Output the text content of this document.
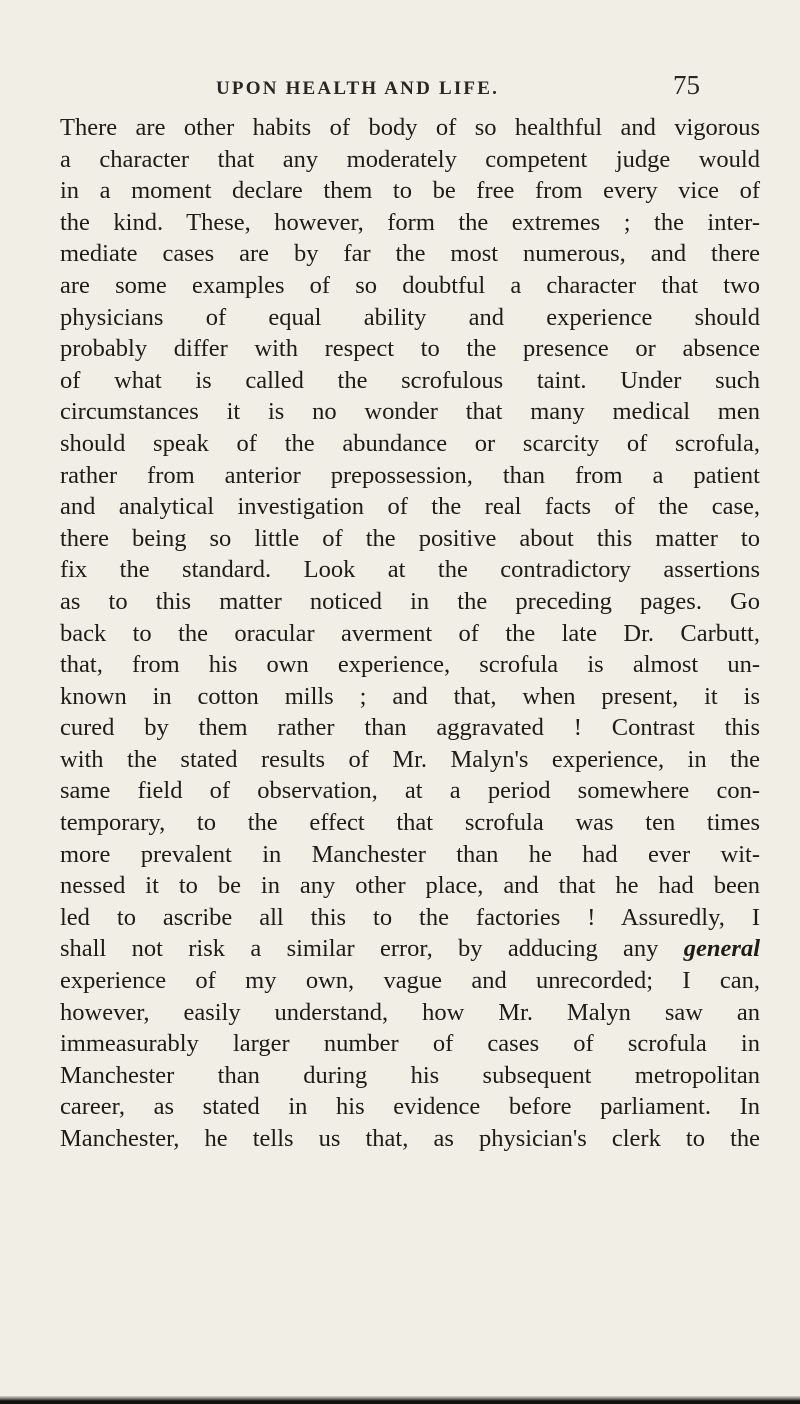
UPON HEALTH AND LIFE.	75
There are other habits of body of so healthful and vigorous
a character that any moderately competent judge would
in a moment declare them to be free from every vice of
the kind. These, however, form the extremes ; the inter-
mediate cases are by far the most numerous, and there
are some examples of so doubtful a character that two
physicians of equal ability and experience should
probably differ with respect to the presence or absence
of what is called the scrofulous taint. Under such
circumstances it is no wonder that many medical men
should speak of the abundance or scarcity of scrofula,
rather from anterior prepossession, than from a patient
and analytical investigation of the real facts of the case,
there being so little of the positive about this matter to
fix the standard. Look at the contradictory assertions
as to this matter noticed in the preceding pages. Go
back to the oracular averment of the late Dr. Carbutt,
that, from his own experience, scrofula is almost un-
known in cotton mills ; and that, when present, it is
cured by them rather than aggravated ! Contrast this
with the stated results of Mr. Malyn's experience, in the
same field of observation, at a period somewhere con-
temporary, to the effect that scrofula was ten times
more prevalent in Manchester than he had ever wit-
nessed it to be in any other place, and that he had been
led to ascribe all this to the factories ! Assuredly, I
shall not risk a similar error, by adducing any general
experience of my own, vague and unrecorded; I can,
however, easily understand, how Mr. Malyn saw an
immeasurably larger number of cases of scrofula in
Manchester than during his subsequent metropolitan
career, as stated in his evidence before parliament. In
Manchester, he tells us that, as physician's clerk to the
